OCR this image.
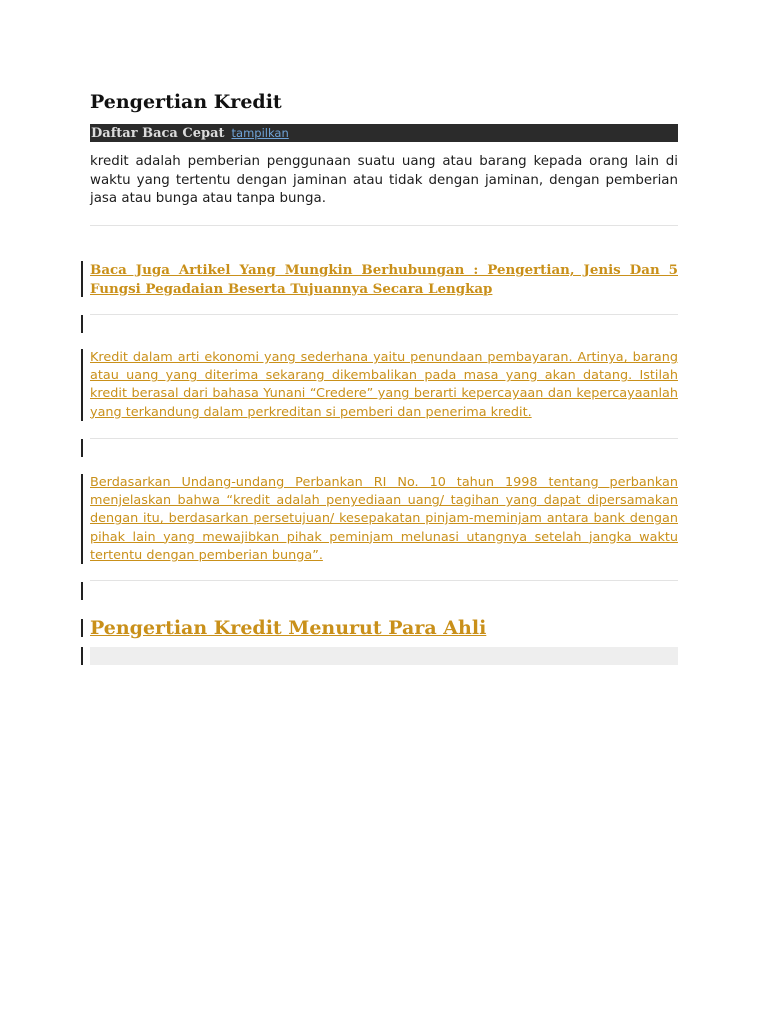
Pengertian Kredit
Daftar Baca Cepat tampilkan

kredit adalah pemberian penggunaan suatu uang atau barang kepada orang lain di waktu yang tertentu dengan jaminan atau tidak dengan jaminan, dengan pemberian jasa atau bunga atau tanpa bunga.

Baca Juga Artikel Yang Mungkin Berhubungan : Pengertian, Jenis Dan 5 Fungsi Pegadaian Beserta Tujuannya Secara Lengkap

Kredit dalam arti ekonomi yang sederhana yaitu penundaan pembayaran. Artinya, barang atau uang yang diterima sekarang dikembalikan pada masa yang akan datang. Istilah kredit berasal dari bahasa Yunani “Credere” yang berarti kepercayaan dan kepercayaanlah yang terkandung dalam perkreditan si pemberi dan penerima kredit.

Berdasarkan Undang-undang Perbankan RI No. 10 tahun 1998 tentang perbankan menjelaskan bahwa “kredit adalah penyediaan uang/ tagihan yang dapat dipersamakan dengan itu, berdasarkan persetujuan/ kesepakatan pinjam-meminjam antara bank dengan pihak lain yang mewajibkan pihak peminjam melunasi utangnya setelah jangka waktu tertentu dengan pemberian bunga”.

Pengertian Kredit Menurut Para Ahli
